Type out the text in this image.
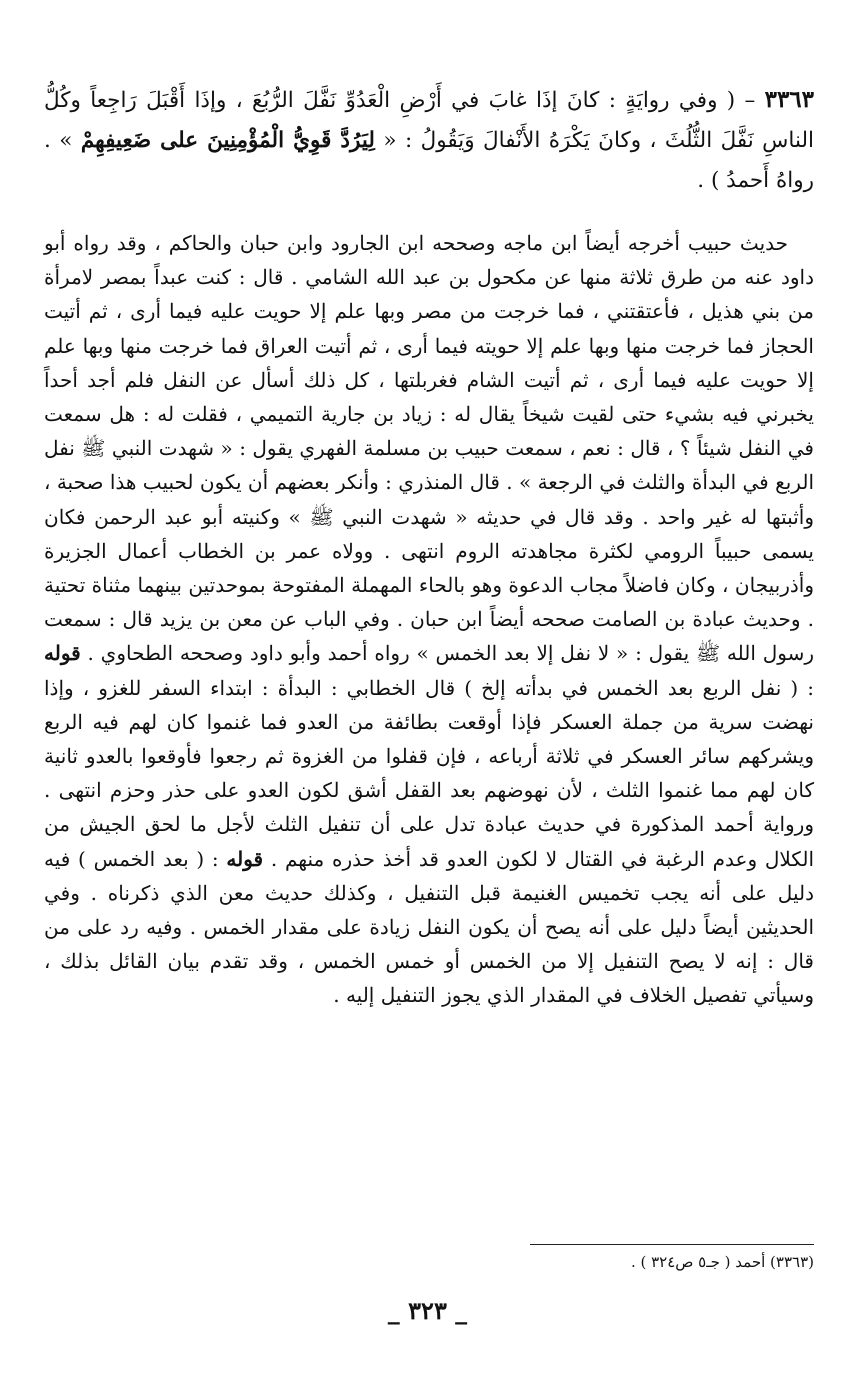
٣٣٦٣ – ( وفي روايَةٍ : كانَ إذَا غابَ في أَرْضِ الْعَدُوِّ نَفَّلَ الرُّبُعَ ، وإذَا أَقْبَلَ رَاجِعاً وكُلُّ الناسِ نَفَّلَ الثُّلُثَ ، وكانَ يَكْرَهُ الأَنْفالَ وَيَقُولُ : « لِيَرُدَّ قَوِيُّ الْمُؤْمِنِينَ على ضَعِيفِهِمْ » . رواهُ أَحمدُ ) .

حديث حبيب أخرجه أيضاً ابن ماجه وصححه ابن الجارود وابن حبان والحاكم ، وقد رواه أبو داود عنه من طرق ثلاثة منها عن مكحول بن عبد الله الشامي . قال : كنت عبداً بمصر لامرأة من بني هذيل ، فأعتقتني ، فما خرجت من مصر وبها علم إلا حويت عليه فيما أرى ، ثم أتيت الحجاز فما خرجت منها وبها علم إلا حويته فيما أرى ، ثم أتيت العراق فما خرجت منها وبها علم إلا حويت عليه فيما أرى ، ثم أتيت الشام فغربلتها ، كل ذلك أسأل عن النفل فلم أجد أحداً يخبرني فيه بشيء حتى لقيت شيخاً يقال له : زياد بن جارية التميمي ، فقلت له : هل سمعت في النفل شيئاً ؟ ، قال : نعم ، سمعت حبيب بن مسلمة الفهري يقول : « شهدت النبي ﷺ نفل الربع في البدأة والثلث في الرجعة » . قال المنذري : وأنكر بعضهم أن يكون لحبيب هذا صحبة ، وأثبتها له غير واحد . وقد قال في حديثه « شهدت النبي ﷺ » وكنيته أبو عبد الرحمن فكان يسمى حبيباً الرومي لكثرة مجاهدته الروم انتهى . وولاه عمر بن الخطاب أعمال الجزيرة وأذربيجان ، وكان فاضلاً مجاب الدعوة وهو بالحاء المهملة المفتوحة بموحدتين بينهما مثناة تحتية . وحديث عبادة بن الصامت صححه أيضاً ابن حبان . وفي الباب عن معن بن يزيد قال : سمعت رسول الله ﷺ يقول : « لا نفل إلا بعد الخمس » رواه أحمد وأبو داود وصححه الطحاوي . قوله : ( نفل الربع بعد الخمس في بدأته إلخ ) قال الخطابي : البدأة : ابتداء السفر للغزو ، وإذا نهضت سرية من جملة العسكر فإذا أوقعت بطائفة من العدو فما غنموا كان لهم فيه الربع ويشركهم سائر العسكر في ثلاثة أرباعه ، فإن قفلوا من الغزوة ثم رجعوا فأوقعوا بالعدو ثانية كان لهم مما غنموا الثلث ، لأن نهوضهم بعد القفل أشق لكون العدو على حذر وحزم انتهى . ورواية أحمد المذكورة في حديث عبادة تدل على أن تنفيل الثلث لأجل ما لحق الجيش من الكلال وعدم الرغبة في القتال لا لكون العدو قد أخذ حذره منهم . قوله : ( بعد الخمس ) فيه دليل على أنه يجب تخميس الغنيمة قبل التنفيل ، وكذلك حديث معن الذي ذكرناه . وفي الحديثين أيضاً دليل على أنه يصح أن يكون النفل زيادة على مقدار الخمس . وفيه رد على من قال : إنه لا يصح التنفيل إلا من الخمس أو خمس الخمس ، وقد تقدم بيان القائل بذلك ، وسيأتي تفصيل الخلاف في المقدار الذي يجوز التنفيل إليه .

(٣٣٦٣) أحمد ( جـ٥ ص٣٢٤ ) .
_ ٣٢٣ _
